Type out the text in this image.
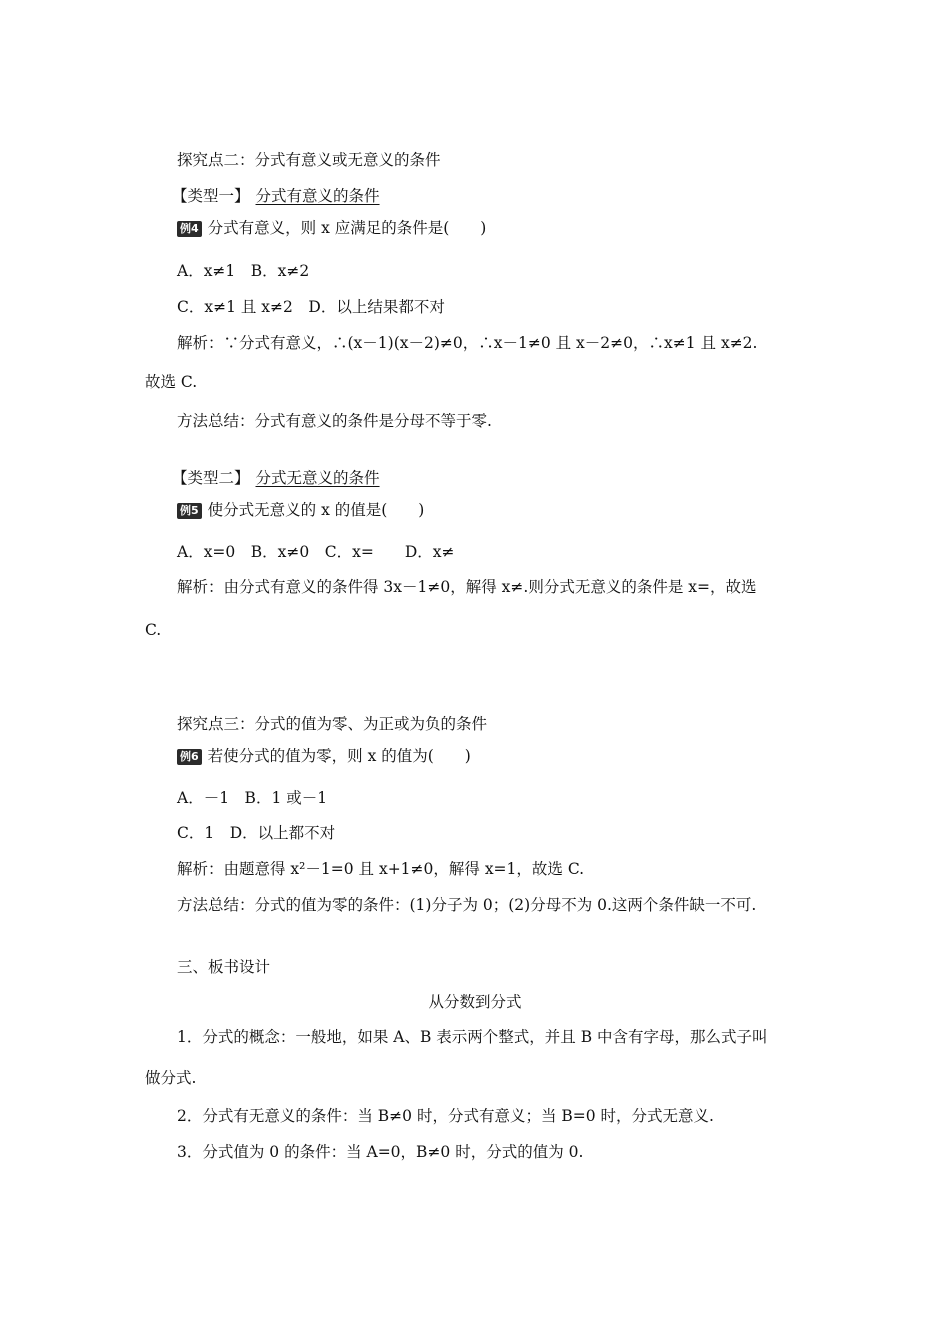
探究点二：分式有意义或无意义的条件
【类型一】 分式有意义的条件
例4 分式有意义，则 x 应满足的条件是(　　)
A．x≠1　B．x≠2
C．x≠1 且 x≠2　D．以上结果都不对
解析：∵分式有意义，∴(x－1)(x－2)≠0，∴x－1≠0 且 x－2≠0，∴x≠1 且 x≠2.
故选 C.
方法总结：分式有意义的条件是分母不等于零.
【类型二】 分式无意义的条件
例5 使分式无意义的 x 的值是(　　)
A．x=0　B．x≠0　C．x=　　D．x≠
解析：由分式有意义的条件得 3x－1≠0，解得 x≠.则分式无意义的条件是 x=，故选
C.
探究点三：分式的值为零、为正或为负的条件
例6 若使分式的值为零，则 x 的值为(　　)
A．－1　B．1 或－1
C．1　D．以上都不对
解析：由题意得 x²－1=0 且 x+1≠0，解得 x=1，故选 C.
方法总结：分式的值为零的条件：(1)分子为 0；(2)分母不为 0.这两个条件缺一不可.
三、板书设计
从分数到分式
1．分式的概念：一般地，如果 A、B 表示两个整式，并且 B 中含有字母，那么式子叫
做分式.
2．分式有无意义的条件：当 B≠0 时，分式有意义；当 B=0 时，分式无意义.
3．分式值为 0 的条件：当 A=0，B≠0 时，分式的值为 0.
